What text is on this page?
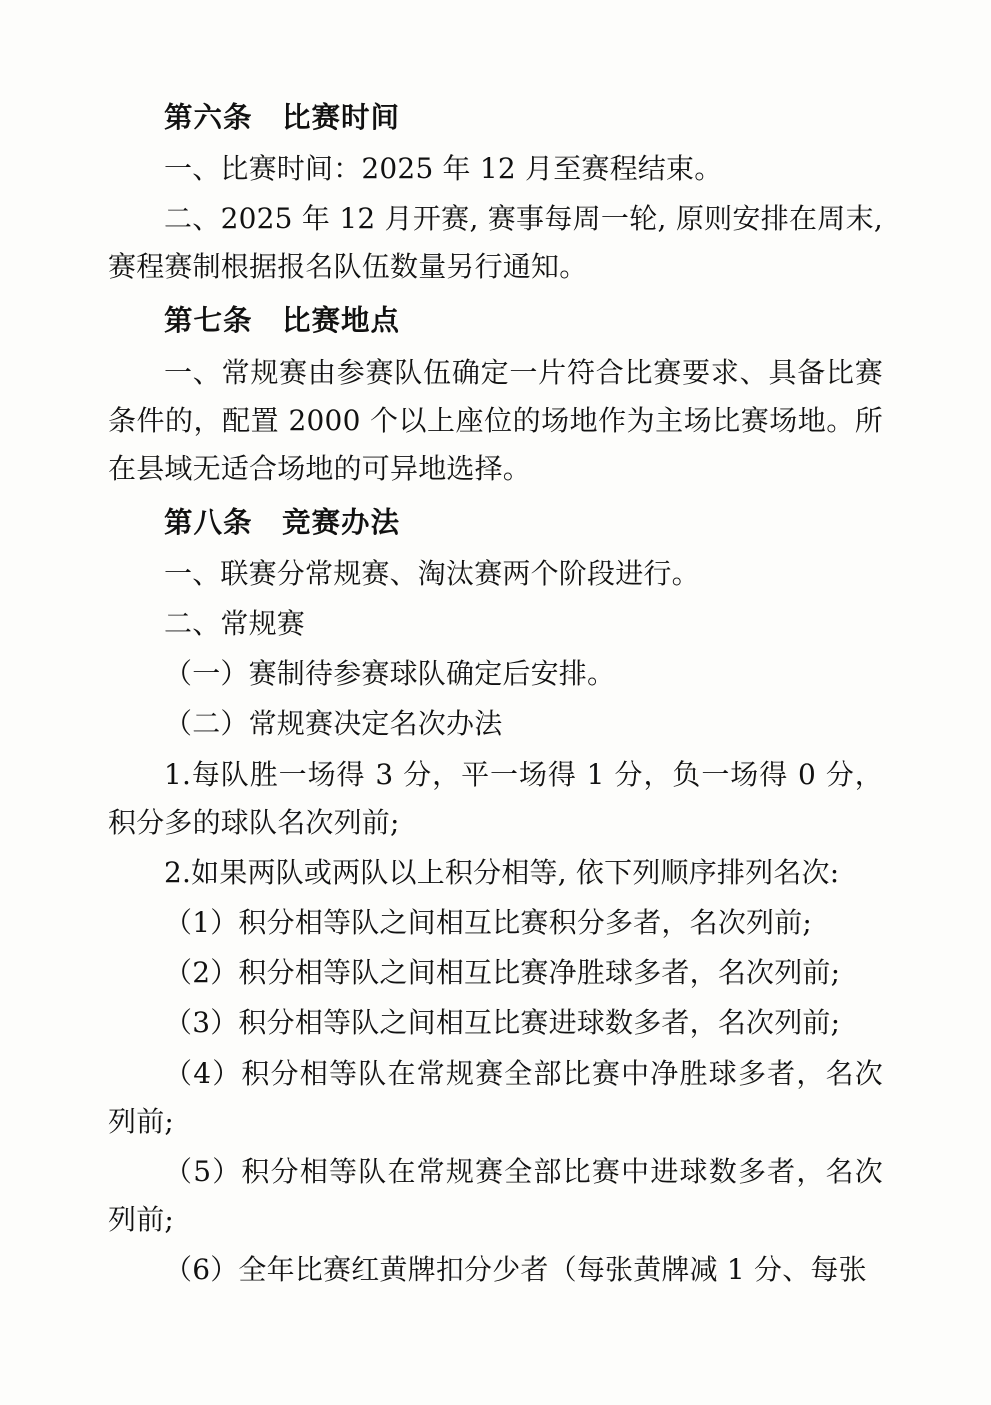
第六条　比赛时间

一、比赛时间：2025 年 12 月至赛程结束。

二、2025 年 12 月开赛, 赛事每周一轮, 原则安排在周末, 赛程赛制根据报名队伍数量另行通知。

第七条　比赛地点

一、常规赛由参赛队伍确定一片符合比赛要求、具备比赛条件的，配置 2000 个以上座位的场地作为主场比赛场地。所在县域无适合场地的可异地选择。

第八条　竞赛办法

一、联赛分常规赛、淘汰赛两个阶段进行。

二、常规赛

（一）赛制待参赛球队确定后安排。

（二）常规赛决定名次办法

1.每队胜一场得 3 分，平一场得 1 分，负一场得 0 分，积分多的球队名次列前;

2.如果两队或两队以上积分相等, 依下列顺序排列名次:

（1）积分相等队之间相互比赛积分多者，名次列前;

（2）积分相等队之间相互比赛净胜球多者，名次列前;

（3）积分相等队之间相互比赛进球数多者，名次列前;

（4）积分相等队在常规赛全部比赛中净胜球多者，名次列前;

（5）积分相等队在常规赛全部比赛中进球数多者，名次列前;

（6）全年比赛红黄牌扣分少者（每张黄牌减 1 分、每张
